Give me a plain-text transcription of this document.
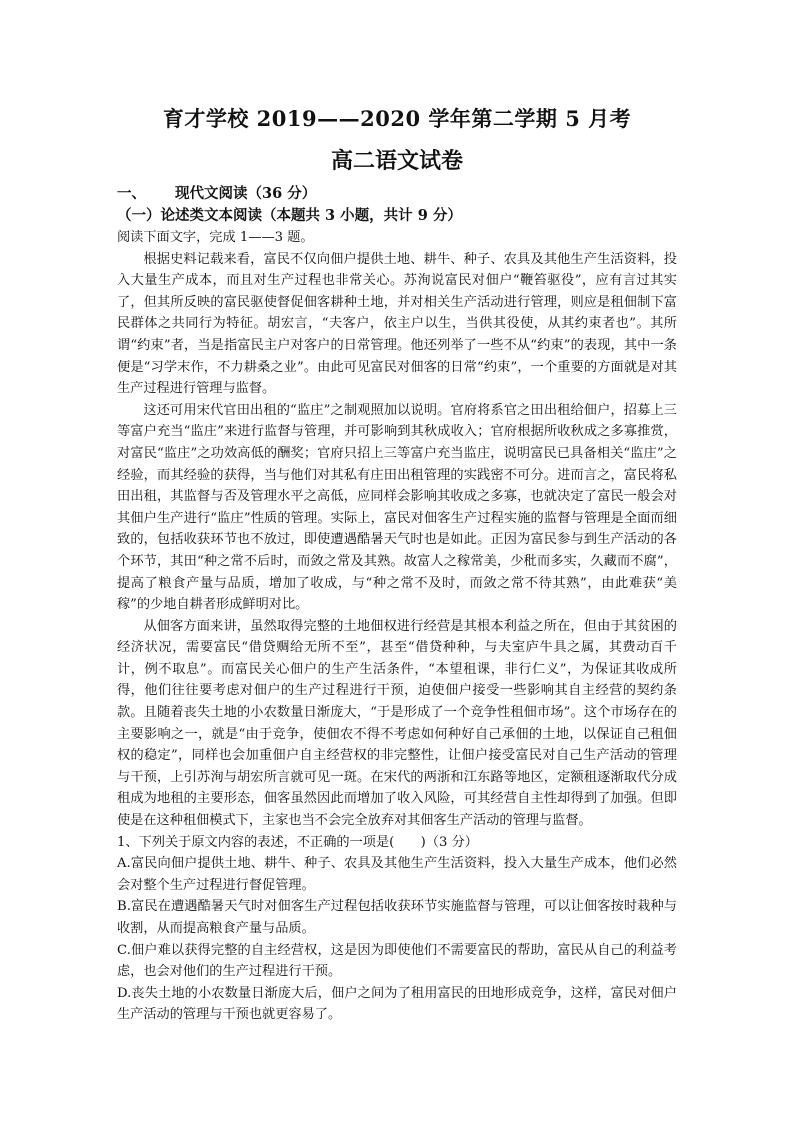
育才学校 2019——2020 学年第二学期 5 月考
高二语文试卷
一、 现代文阅读（36 分）
（一）论述类文本阅读（本题共 3 小题，共计 9 分）

阅读下面文字，完成 1——3 题。

根据史料记载来看，富民不仅向佃户提供土地、耕牛、种子、农具及其他生产生活资料，投入大量生产成本，而且对生产过程也非常关心。苏洵说富民对佃户“鞭笞驱役”，应有言过其实了，但其所反映的富民驱使督促佃客耕种土地，并对相关生产活动进行管理，则应是租佃制下富民群体之共同行为特征。胡宏言，“夫客户，依主户以生，当供其役使，从其约束者也”。其所谓“约束”者，当是指富民主户对客户的日常管理。他还列举了一些不从“约束”的表现，其中一条便是“习学末作，不力耕桑之业”。由此可见富民对佃客的日常“约束”，一个重要的方面就是对其生产过程进行管理与监督。

这还可用宋代官田出租的“监庄”之制观照加以说明。官府将系官之田出租给佃户，招募上三等富户充当“监庄”来进行监督与管理，并可影响到其秋成收入；官府根据所收秋成之多寡推赏，对富民“监庄”之功效高低的酬奖；官府只招上三等富户充当监庄，说明富民已具备相关“监庄”之经验，而其经验的获得，当与他们对其私有庄田出租管理的实践密不可分。进而言之，富民将私田出租，其监督与否及管理水平之高低，应同样会影响其收成之多寡，也就决定了富民一般会对其佃户生产进行“监庄”性质的管理。实际上，富民对佃客生产过程实施的监督与管理是全面而细致的，包括收获环节也不放过，即使遭遇酷暑天气时也是如此。正因为富民参与到生产活动的各个环节，其田“种之常不后时，而敛之常及其熟。故富人之稼常美，少秕而多实，久藏而不腐”，提高了粮食产量与品质，增加了收成，与“种之常不及时，而敛之常不待其熟”，由此难获“美稼”的少地自耕者形成鲜明对比。

从佃客方面来讲，虽然取得完整的土地佃权进行经营是其根本利益之所在，但由于其贫困的经济状况，需要富民“借贷赒给无所不至”，甚至“借贷种种，与夫室庐牛具之属，其费动百千计，例不取息”。而富民关心佃户的生产生活条件，“本望租课，非行仁义”，为保证其收成所得，他们往往要考虑对佃户的生产过程进行干预，迫使佃户接受一些影响其自主经营的契约条款。且随着丧失土地的小农数量日渐庞大，“于是形成了一个竞争性租佃市场”。这个市场存在的主要影响之一，就是“由于竞争，使佃农不得不考虑如何种好自己承佃的土地，以保证自己租佃权的稳定”，同样也会加重佃户自主经营权的非完整性，让佃户接受富民对自己生产活动的管理与干预，上引苏洵与胡宏所言就可见一斑。在宋代的两浙和江东路等地区，定额租逐渐取代分成租成为地租的主要形态，佃客虽然因此而增加了收入风险，可其经营自主性却得到了加强。但即使是在这种租佃模式下，主家也当不会完全放弃对其佃客生产活动的管理与监督。

1、下列关于原文内容的表述，不正确的一项是(　　)（3 分）

A.富民向佃户提供土地、耕牛、种子、农具及其他生产生活资料，投入大量生产成本，他们必然会对整个生产过程进行督促管理。

B.富民在遭遇酷暑天气时对佃客生产过程包括收获环节实施监督与管理，可以让佃客按时栽种与收割，从而提高粮食产量与品质。

C.佃户难以获得完整的自主经营权，这是因为即使他们不需要富民的帮助，富民从自己的利益考虑，也会对他们的生产过程进行干预。

D.丧失土地的小农数量日渐庞大后，佃户之间为了租用富民的田地形成竞争，这样，富民对佃户生产活动的管理与干预也就更容易了。
